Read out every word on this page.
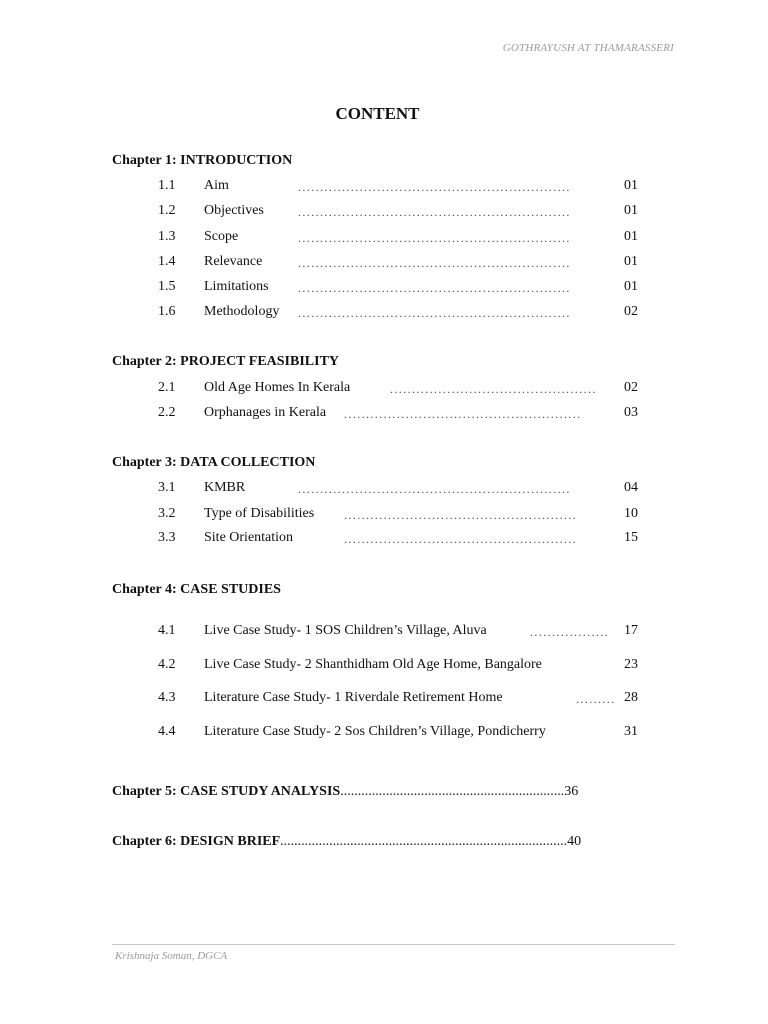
GOTHRAYUSH AT THAMARASSERI
CONTENT
Chapter 1: INTRODUCTION
1.1 Aim	..............................................................	01
1.2 Objectives	..............................................................	01
1.3 Scope	..............................................................	01
1.4 Relevance	..............................................................	01
1.5 Limitations ..............................................................	01
1.6 Methodology ..............................................................	02
Chapter 2: PROJECT FEASIBILITY
2.1 Old Age Homes In Kerala	...............................................	02
2.2 Orphanages in Kerala ......................................................	03
Chapter 3: DATA COLLECTION
3.1 KMBR	..............................................................	04
3.2 Type of Disabilities .....................................................	10
3.3 Site Orientation	.....................................................	15
Chapter 4: CASE STUDIES
4.1 Live Case Study- 1 SOS Children’s Village, Aluva	..................	17
4.2 Live Case Study- 2 Shanthidham Old Age Home, Bangalore	23
4.3 Literature Case Study- 1 Riverdale Retirement Home	......... 28
4.4 Literature Case Study- 2 Sos Children’s Village, Pondicherry	31
Chapter 5: CASE STUDY ANALYSIS................................................................36
Chapter 6: DESIGN BRIEF..................................................................................40
Krishnaja Soman, DGCA
